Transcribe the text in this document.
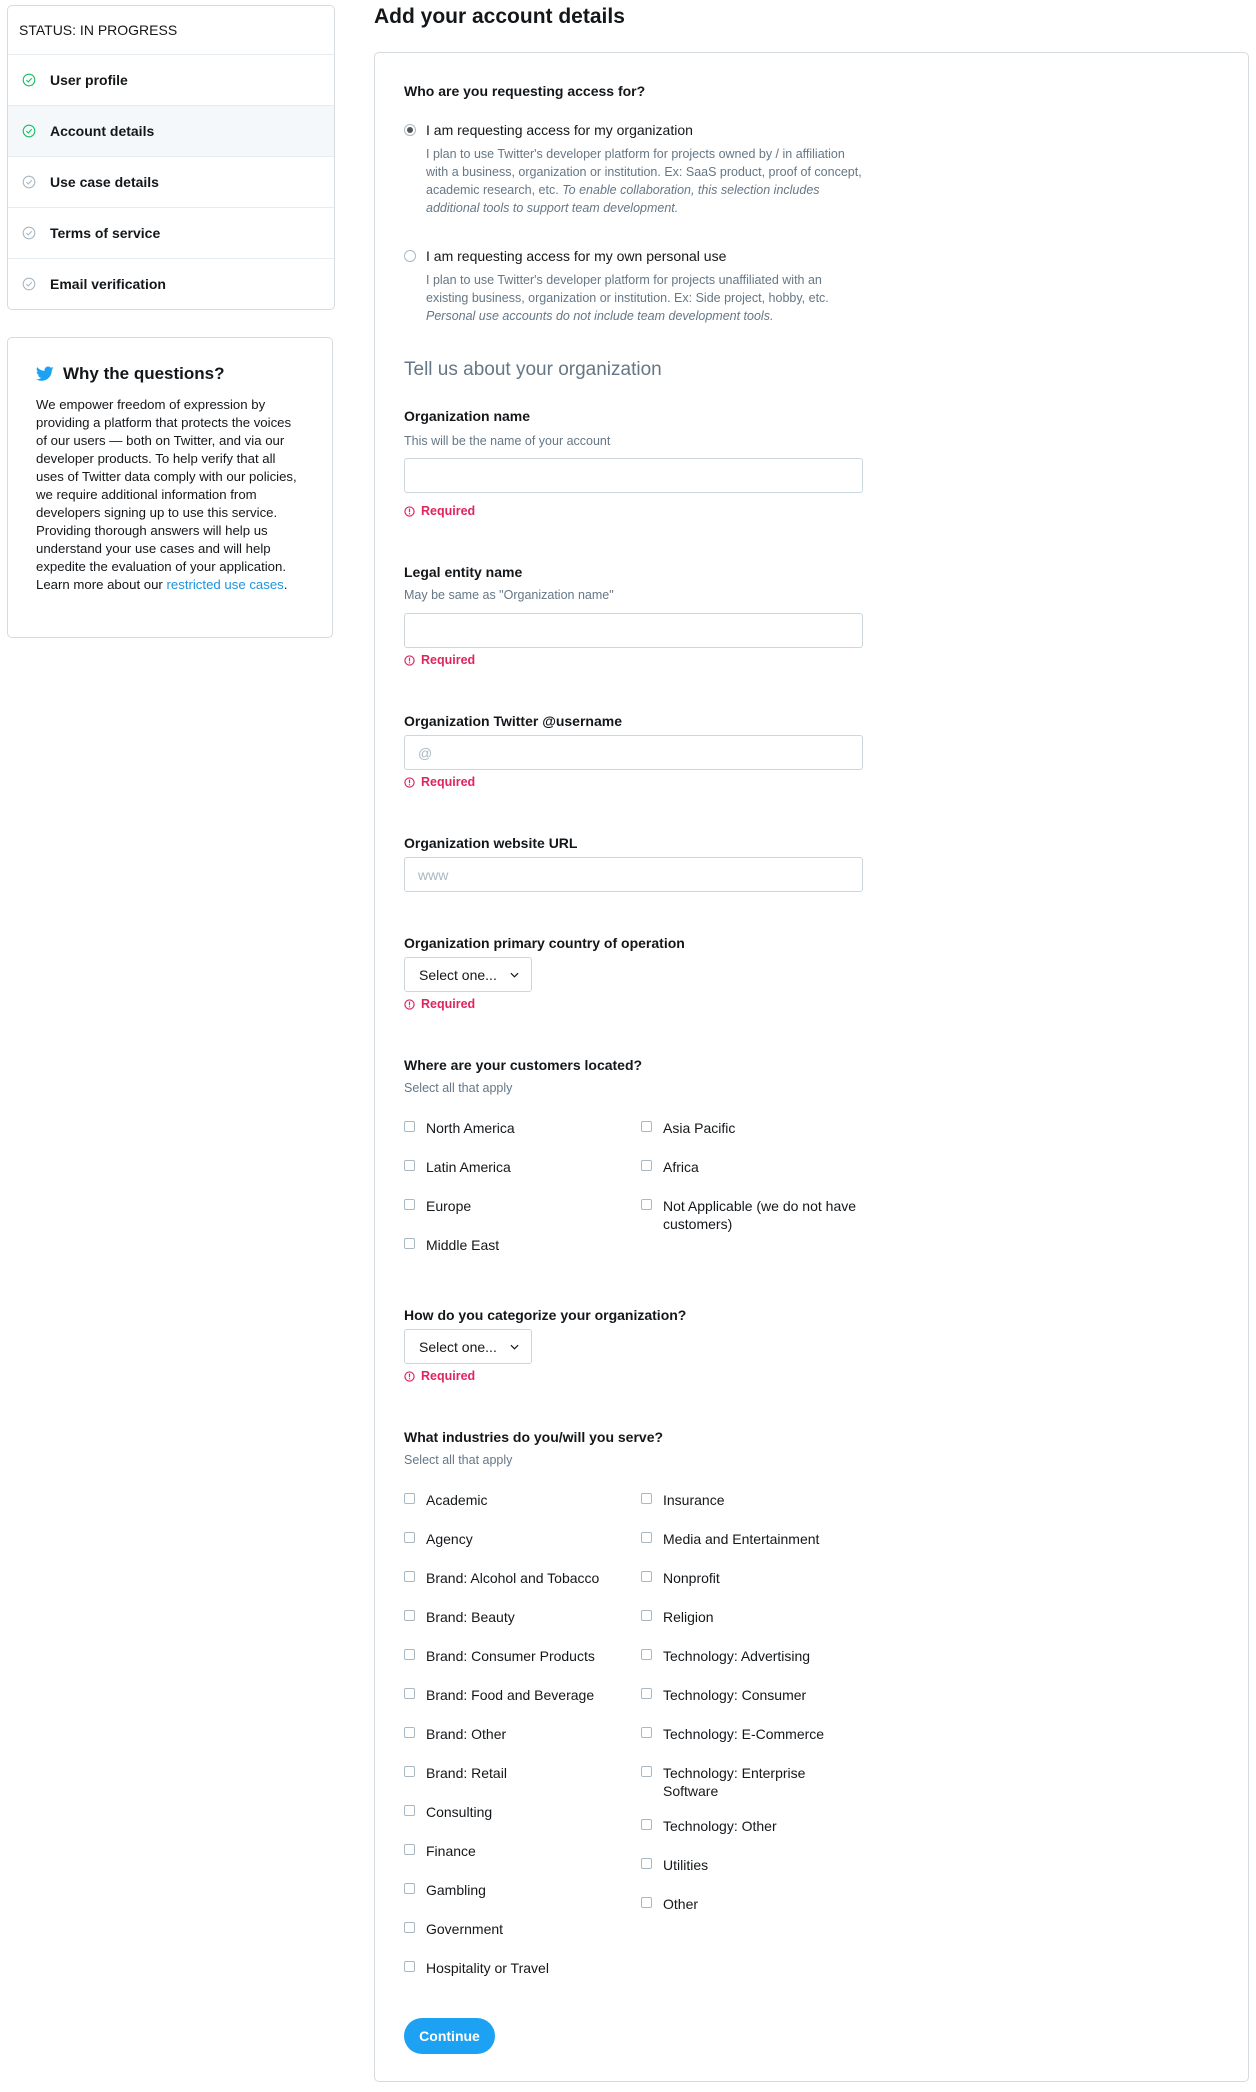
STATUS: IN PROGRESS
User profile
Account details
Use case details
Terms of service
Email verification
Why the questions?
We empower freedom of expression by providing a platform that protects the voices of our users — both on Twitter, and via our developer products. To help verify that all uses of Twitter data comply with our policies, we require additional information from developers signing up to use this service. Providing thorough answers will help us understand your use cases and will help expedite the evaluation of your application. Learn more about our restricted use cases.
Add your account details
Who are you requesting access for?
I am requesting access for my organization
I plan to use Twitter's developer platform for projects owned by / in affiliation with a business, organization or institution. Ex: SaaS product, proof of concept, academic research, etc. To enable collaboration, this selection includes additional tools to support team development.
I am requesting access for my own personal use
I plan to use Twitter's developer platform for projects unaffiliated with an existing business, organization or institution. Ex: Side project, hobby, etc. Personal use accounts do not include team development tools.
Tell us about your organization
Organization name
This will be the name of your account
Required
Legal entity name
May be same as "Organization name"
Required
Organization Twitter @username
@
Required
Organization website URL
www
Organization primary country of operation
Select one...
Required
Where are your customers located?
Select all that apply
North America
Latin America
Europe
Middle East
Asia Pacific
Africa
Not Applicable (we do not have customers)
How do you categorize your organization?
Select one...
Required
What industries do you/will you serve?
Select all that apply
Academic
Agency
Brand: Alcohol and Tobacco
Brand: Beauty
Brand: Consumer Products
Brand: Food and Beverage
Brand: Other
Brand: Retail
Consulting
Finance
Gambling
Government
Hospitality or Travel
Insurance
Media and Entertainment
Nonprofit
Religion
Technology: Advertising
Technology: Consumer
Technology: E-Commerce
Technology: Enterprise Software
Technology: Other
Utilities
Other
Continue
